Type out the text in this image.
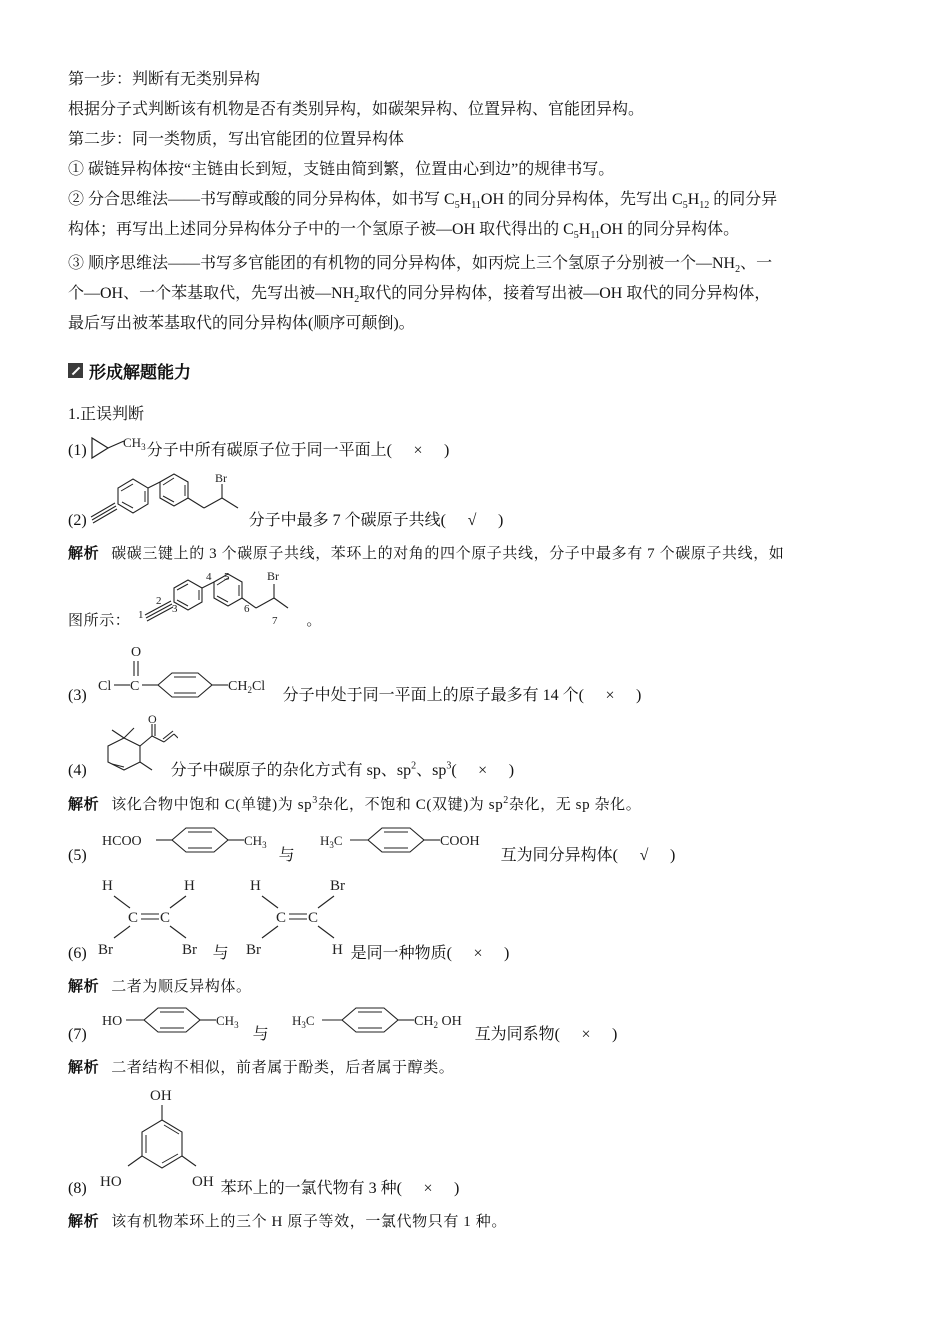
第一步：判断有无类别异构
根据分子式判断该有机物是否有类别异构，如碳架异构、位置异构、官能团异构。
第二步：同一类物质，写出官能团的位置异构体
① 碳链异构体按“主链由长到短，支链由简到繁，位置由心到边”的规律书写。
② 分合思维法——书写醇或酸的同分异构体，如书写 $C_5H_{11}OH$ 的同分异构体，先写出 $C_5H_{12}$ 的同分异
构体；再写出上述同分异构体分子中的一个氢原子被—OH 取代得出的 $C_5H_{11}OH$ 的同分异构体。
③ 顺序思维法——书写多官能团的有机物的同分异构体，如丙烷上三个氢原子分别被一个$—NH_2$、一
个—OH、一个苯基取代，先写出被$—NH_2$取代的同分异构体，接着写出被—OH 取代的同分异构体，
最后写出被苯基取代的同分异构体(顺序可颠倒)。
形成解题能力
1.正误判断
(1)	分子中所有碳原子位于同一平面上( × )
$CH_3$
(2)	分子中最多 7 个碳原子共线( √ )
Br
解析 碳碳三键上的 3 个碳原子共线，苯环上的对角的四个原子共线，分子中最多有 7 个碳原子共线，如
图所示：	。
Br
1
2
3
4 5
6
7
(3)	分子中处于同一平面上的原子最多有 14 个( × )
Cl C
O
$CH_2Cl$
(4)	分子中碳原子的杂化方式有 sp、$sp^2$、$sp^3$( × )
O
解析 该化合物中饱和 C(单键)为 $sp^3$杂化，不饱和 C(双键)为 $sp^2$杂化，无 sp 杂化。
(5)	与	互为同分异构体( √ )
HCOO	$CH_3$	$H_3C$	COOH
(6)	与	是同一种物质( × )
H	H
C C
Br	Br
H	Br
C C
Br	H
解析 二者为顺反异构体。
(7)	与	互为同系物( × )
HO	$CH_3$	$H_3C$	$CH_2$ OH
解析 二者结构不相似，前者属于酚类，后者属于醇类。
(8)	苯环上的一氯代物有 3 种( × )
OH
HO	OH
解析 该有机物苯环上的三个 H 原子等效，一氯代物只有 1 种。
